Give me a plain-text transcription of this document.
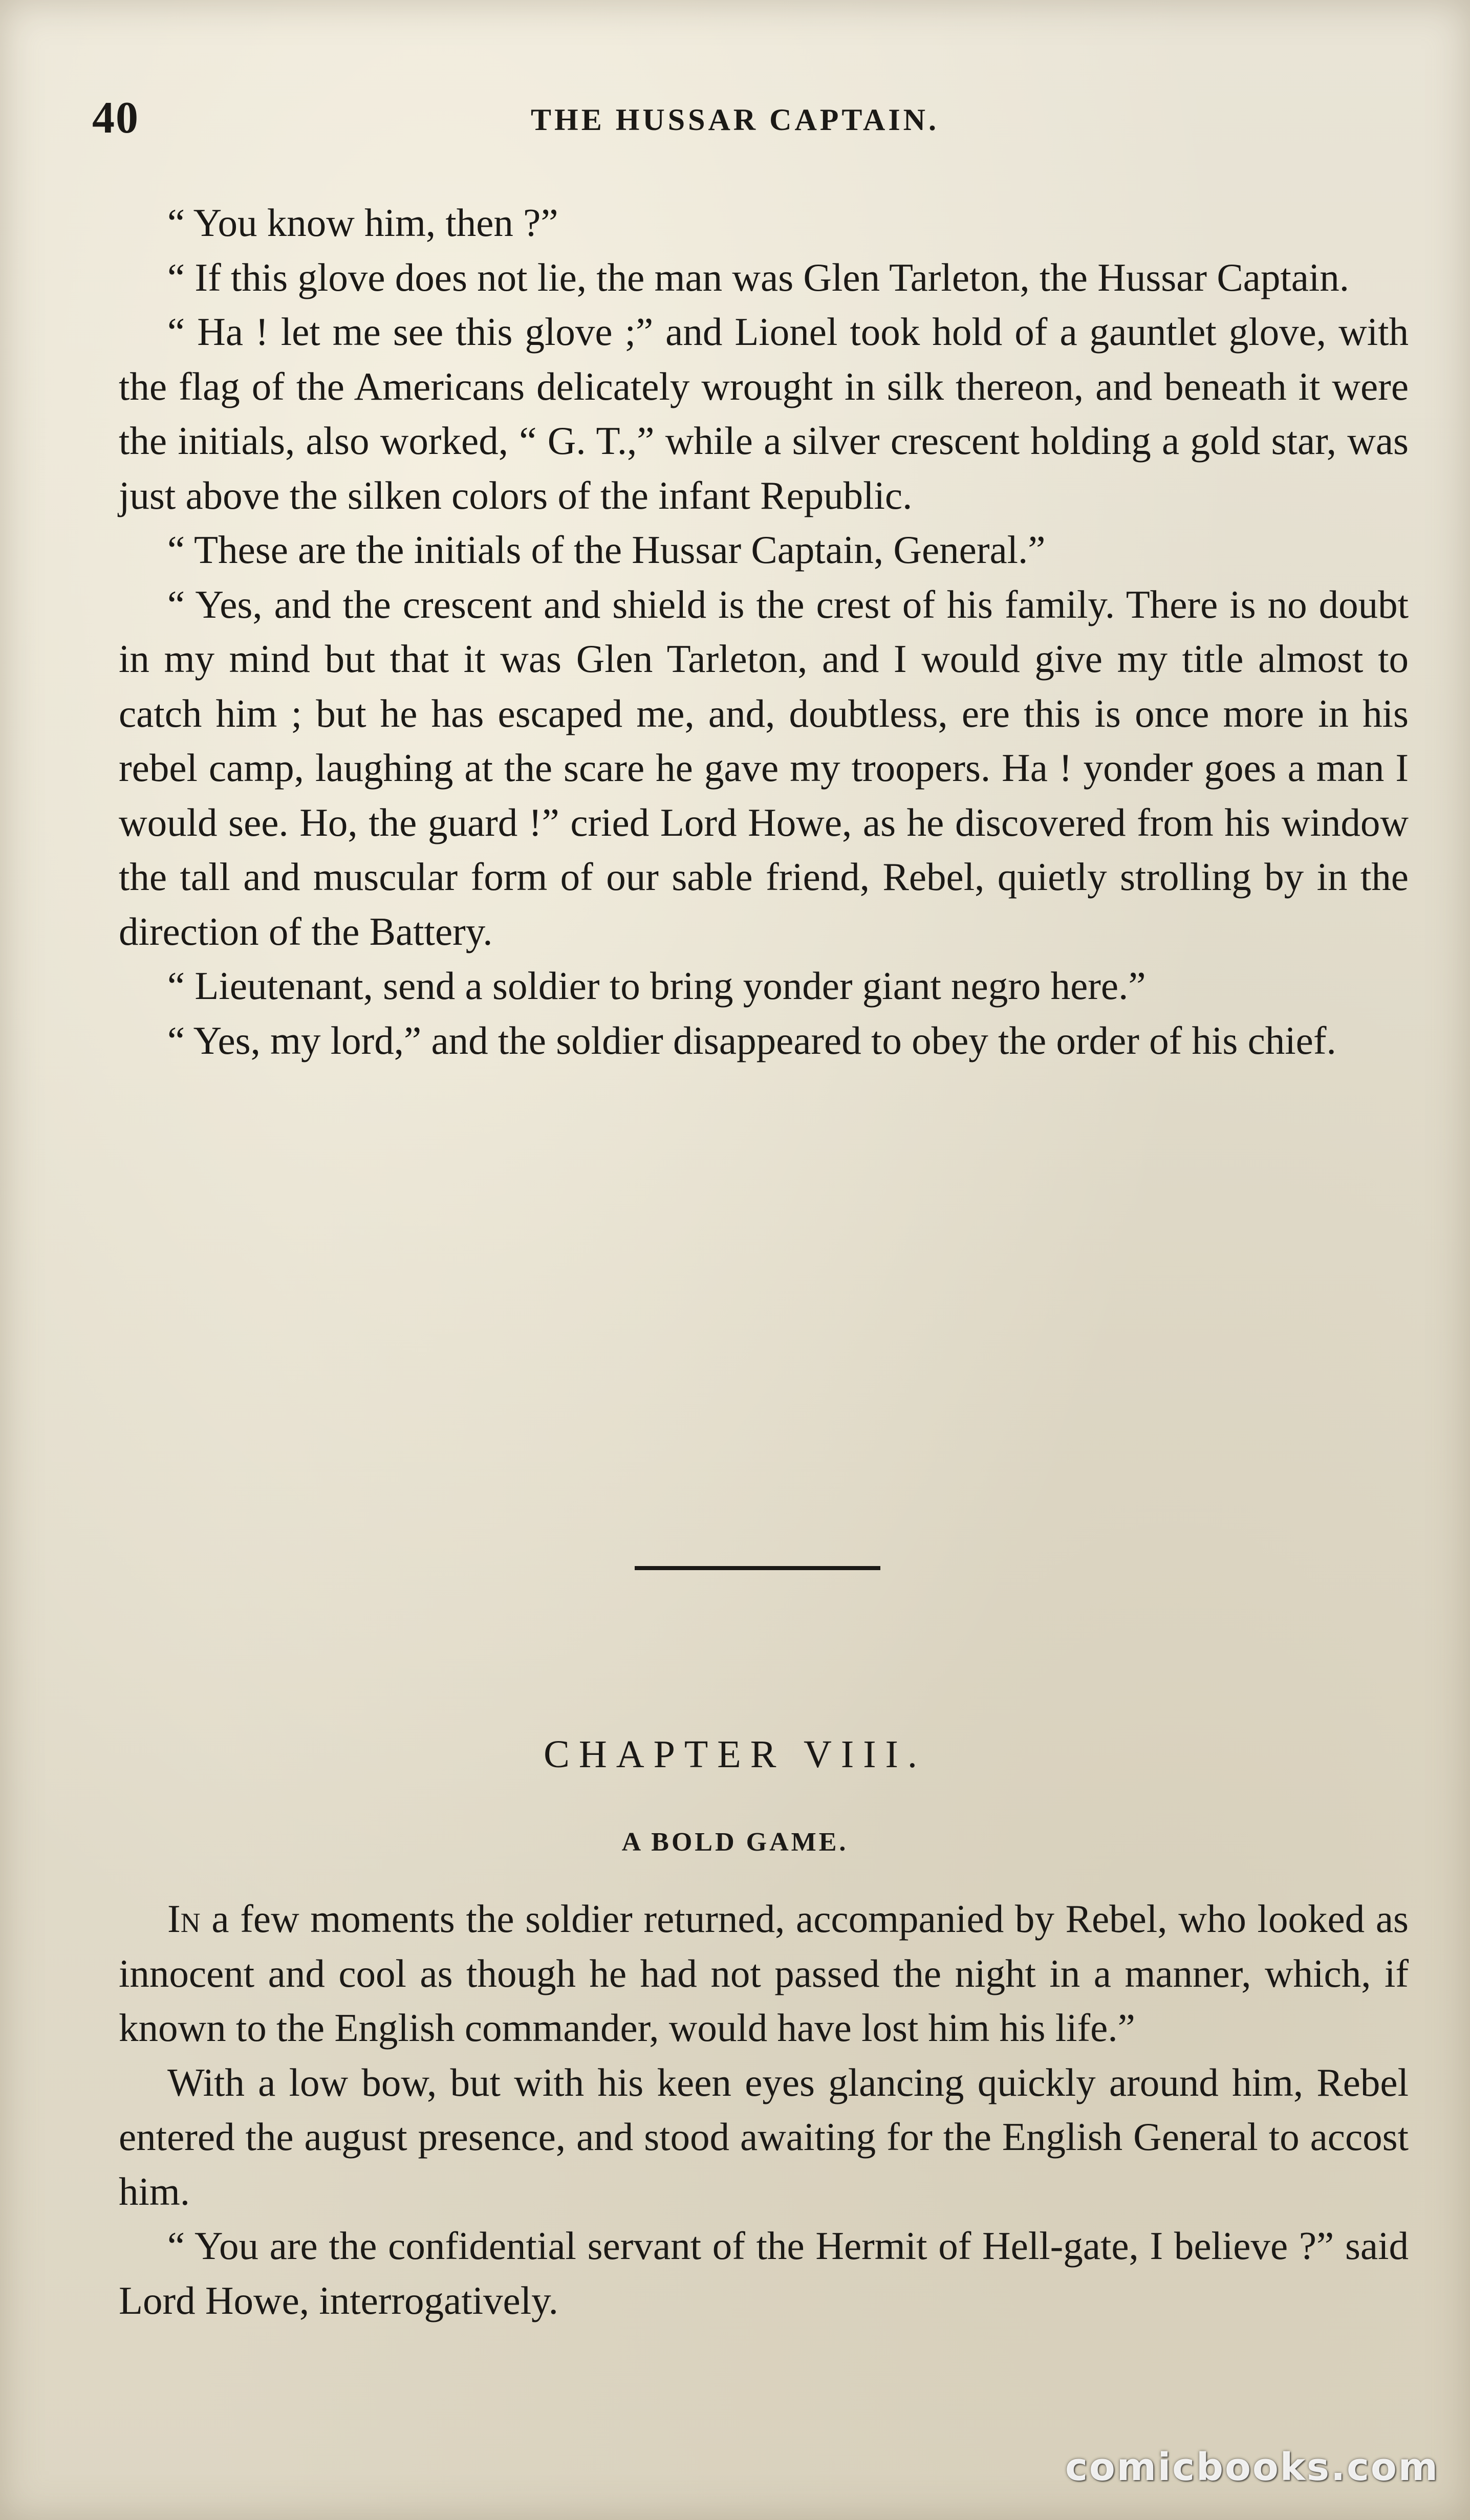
40	THE HUSSAR CAPTAIN.

“ You know him, then ?”

“ If this glove does not lie, the man was Glen Tarleton, the Hussar Captain.

“ Ha ! let me see this glove ;” and Lionel took hold of a gauntlet glove, with the flag of the Americans delicately wrought in silk thereon, and beneath it were the initials, also worked, “ G. T.,” while a silver crescent holding a gold star, was just above the silken colors of the infant Republic.

“ These are the initials of the Hussar Captain, General.”

“ Yes, and the crescent and shield is the crest of his family. There is no doubt in my mind but that it was Glen Tarleton, and I would give my title almost to catch him ; but he has escaped me, and, doubtless, ere this is once more in his rebel camp, laughing at the scare he gave my troopers. Ha ! yonder goes a man I would see. Ho, the guard !” cried Lord Howe, as he discovered from his window the tall and muscular form of our sable friend, Rebel, quietly strolling by in the direction of the Battery.

“ Lieutenant, send a soldier to bring yonder giant negro here.”

“ Yes, my lord,” and the soldier disappeared to obey the order of his chief.

CHAPTER VIII.
A BOLD GAME.

In a few moments the soldier returned, accompanied by Rebel, who looked as innocent and cool as though he had not passed the night in a manner, which, if known to the English commander, would have lost him his life.”

With a low bow, but with his keen eyes glancing quickly around him, Rebel entered the august presence, and stood awaiting for the English General to accost him.

“ You are the confidential servant of the Hermit of Hell-gate, I believe ?” said Lord Howe, interrogatively.

comicbooks.com
